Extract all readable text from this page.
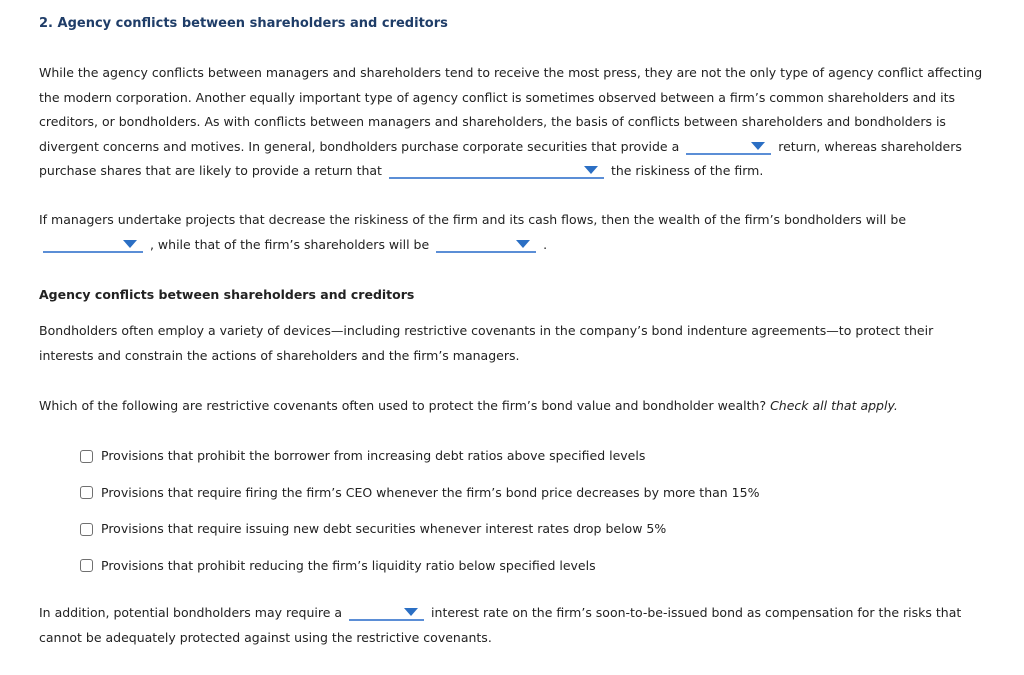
2. Agency conflicts between shareholders and creditors

While the agency conflicts between managers and shareholders tend to receive the most press, they are not the only type of agency conflict affecting the modern corporation. Another equally important type of agency conflict is sometimes observed between a firm’s common shareholders and its creditors, or bondholders. As with conflicts between managers and shareholders, the basis of conflicts between shareholders and bondholders is divergent concerns and motives. In general, bondholders purchase corporate securities that provide a	return, whereas shareholders purchase shares that are likely to provide a return that	the riskiness of the firm.

If managers undertake projects that decrease the riskiness of the firm and its cash flows, then the wealth of the firm’s bondholders will be

, while that of the firm’s shareholders will be	.

Agency conflicts between shareholders and creditors

Bondholders often employ a variety of devices—including restrictive covenants in the company’s bond indenture agreements—to protect their interests and constrain the actions of shareholders and the firm’s managers.

Which of the following are restrictive covenants often used to protect the firm’s bond value and bondholder wealth? Check all that apply.

Provisions that prohibit the borrower from increasing debt ratios above specified levels
Provisions that require firing the firm’s CEO whenever the firm’s bond price decreases by more than 15%
Provisions that require issuing new debt securities whenever interest rates drop below 5%
Provisions that prohibit reducing the firm’s liquidity ratio below specified levels

In addition, potential bondholders may require a	interest rate on the firm’s soon-to-be-issued bond as compensation for the risks that cannot be adequately protected against using the restrictive covenants.
